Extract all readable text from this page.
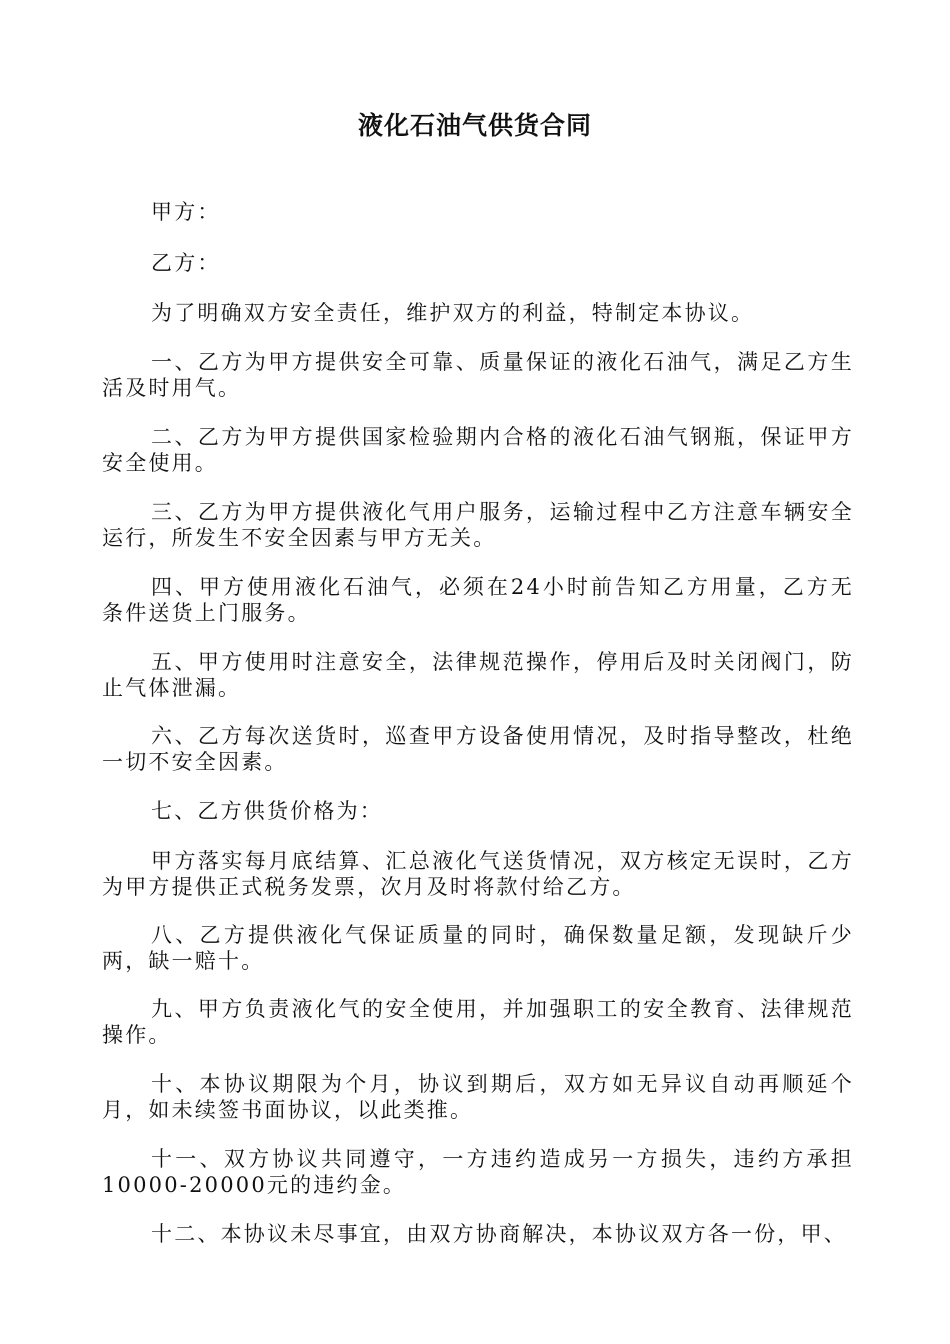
液化石油气供货合同

甲方：

乙方：

为了明确双方安全责任，维护双方的利益，特制定本协议。

一、乙方为甲方提供安全可靠、质量保证的液化石油气，满足乙方生活及时用气。

二、乙方为甲方提供国家检验期内合格的液化石油气钢瓶，保证甲方安全使用。

三、乙方为甲方提供液化气用户服务，运输过程中乙方注意车辆安全运行，所发生不安全因素与甲方无关。

四、甲方使用液化石油气，必须在24小时前告知乙方用量，乙方无条件送货上门服务。

五、甲方使用时注意安全，法律规范操作，停用后及时关闭阀门，防止气体泄漏。

六、乙方每次送货时，巡查甲方设备使用情况，及时指导整改，杜绝一切不安全因素。

七、乙方供货价格为：

甲方落实每月底结算、汇总液化气送货情况，双方核定无误时，乙方为甲方提供正式税务发票，次月及时将款付给乙方。

八、乙方提供液化气保证质量的同时，确保数量足额，发现缺斤少两，缺一赔十。

九、甲方负责液化气的安全使用，并加强职工的安全教育、法律规范操作。

十、本协议期限为个月，协议到期后，双方如无异议自动再顺延个月，如未续签书面协议，以此类推。

十一、双方协议共同遵守，一方违约造成另一方损失，违约方承担10000-20000元的违约金。

十二、本协议未尽事宜，由双方协商解决，本协议双方各一份，甲、
